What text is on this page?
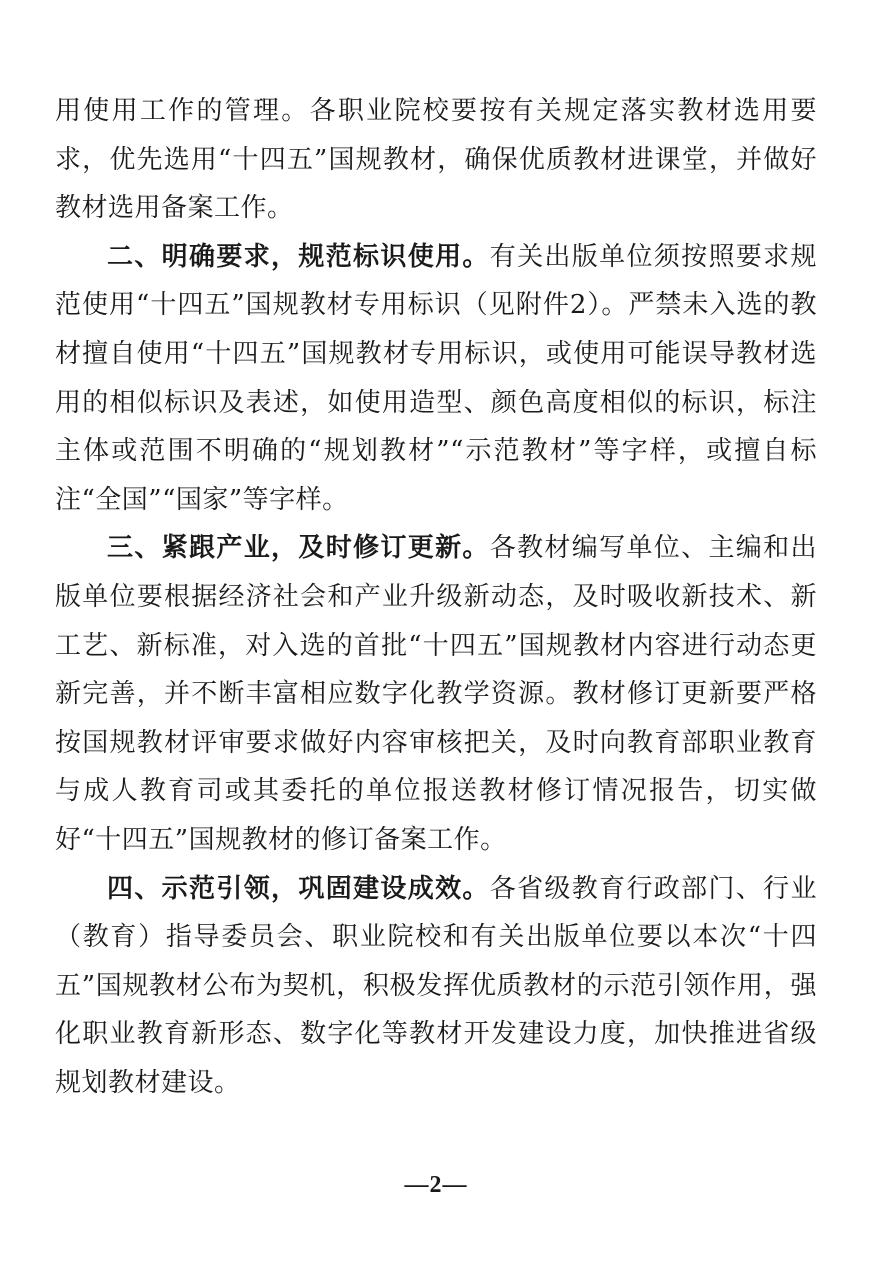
用使用工作的管理。各职业院校要按有关规定落实教材选用要求，优先选用“十四五”国规教材，确保优质教材进课堂，并做好教材选用备案工作。

二、明确要求，规范标识使用。有关出版单位须按照要求规范使用“十四五”国规教材专用标识（见附件2）。严禁未入选的教材擅自使用“十四五”国规教材专用标识，或使用可能误导教材选用的相似标识及表述，如使用造型、颜色高度相似的标识，标注主体或范围不明确的“规划教材”“示范教材”等字样，或擅自标注“全国”“国家”等字样。

三、紧跟产业，及时修订更新。各教材编写单位、主编和出版单位要根据经济社会和产业升级新动态，及时吸收新技术、新工艺、新标准，对入选的首批“十四五”国规教材内容进行动态更新完善，并不断丰富相应数字化教学资源。教材修订更新要严格按国规教材评审要求做好内容审核把关，及时向教育部职业教育与成人教育司或其委托的单位报送教材修订情况报告，切实做好“十四五”国规教材的修订备案工作。

四、示范引领，巩固建设成效。各省级教育行政部门、行业（教育）指导委员会、职业院校和有关出版单位要以本次“十四五”国规教材公布为契机，积极发挥优质教材的示范引领作用，强化职业教育新形态、数字化等教材开发建设力度，加快推进省级规划教材建设。

—2—
